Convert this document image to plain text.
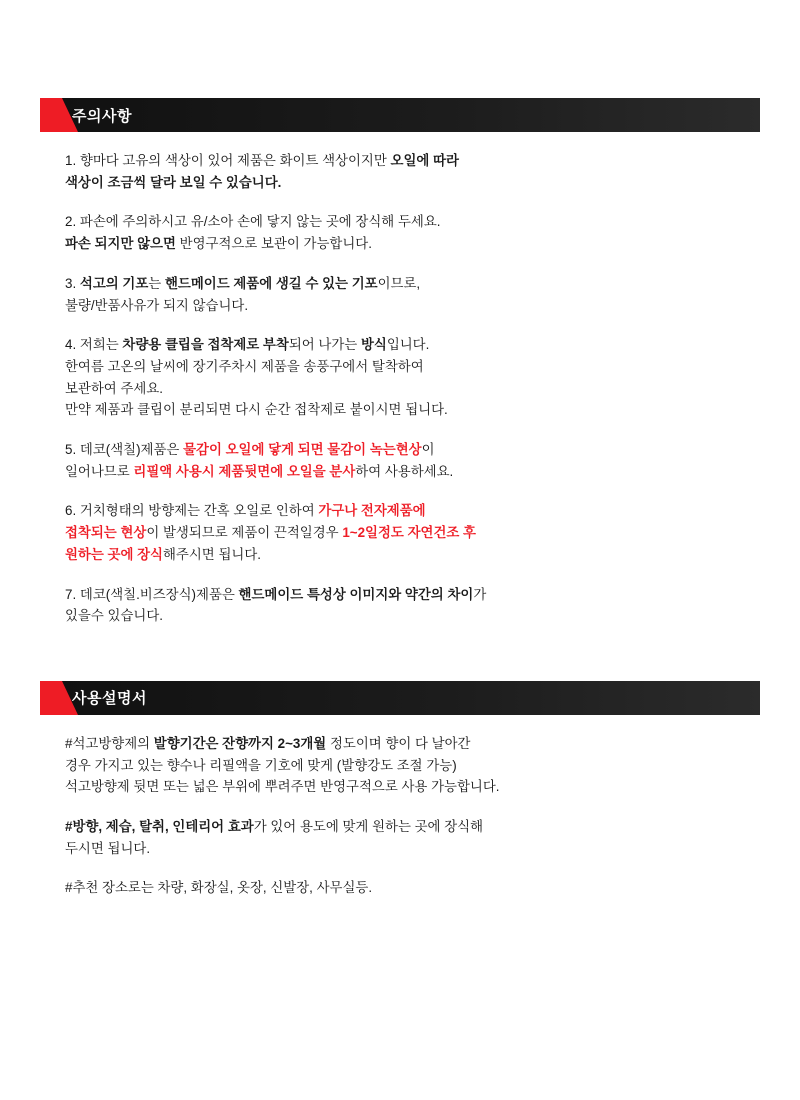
주의사항
1. 향마다 고유의 색상이 있어 제품은 화이트 색상이지만 오일에 따라
색상이 조금씩 달라 보일 수 있습니다.
2. 파손에 주의하시고 유/소아 손에 닿지 않는 곳에 장식해 두세요.
파손 되지만 않으면 반영구적으로 보관이 가능합니다.
3. 석고의 기포는 핸드메이드 제품에 생길 수 있는 기포이므로,
불량/반품사유가 되지 않습니다.
4. 저희는 차량용 클립을 접착제로 부착되어 나가는 방식입니다.
한여름 고온의 날씨에 장기주차시 제품을 송풍구에서 탈착하여
보관하여 주세요.
만약 제품과 클립이 분리되면 다시 순간 접착제로 붙이시면 됩니다.
5. 데코(색칠)제품은 물감이 오일에 닿게 되면 물감이 녹는현상이
일어나므로 리필액 사용시 제품뒷면에 오일을 분사하여 사용하세요.
6. 거치형태의 방향제는 간혹 오일로 인하여 가구나 전자제품에
접착되는 현상이 발생되므로 제품이 끈적일경우 1~2일정도 자연건조 후
원하는 곳에 장식해주시면 됩니다.
7. 데코(색칠.비즈장식)제품은 핸드메이드 특성상 이미지와 약간의 차이가
있을수 있습니다.
사용설명서
#석고방향제의 발향기간은 잔향까지 2~3개월 정도이며 향이 다 날아간
경우 가지고 있는 향수나 리필액을 기호에 맞게 (발향강도 조절 가능)
석고방향제 뒷면 또는 넓은 부위에 뿌려주면 반영구적으로 사용 가능합니다.
#방향, 제습, 탈취, 인테리어 효과가 있어 용도에 맞게 원하는 곳에 장식해
두시면 됩니다.
#추천 장소로는 차량, 화장실, 옷장, 신발장, 사무실등.
